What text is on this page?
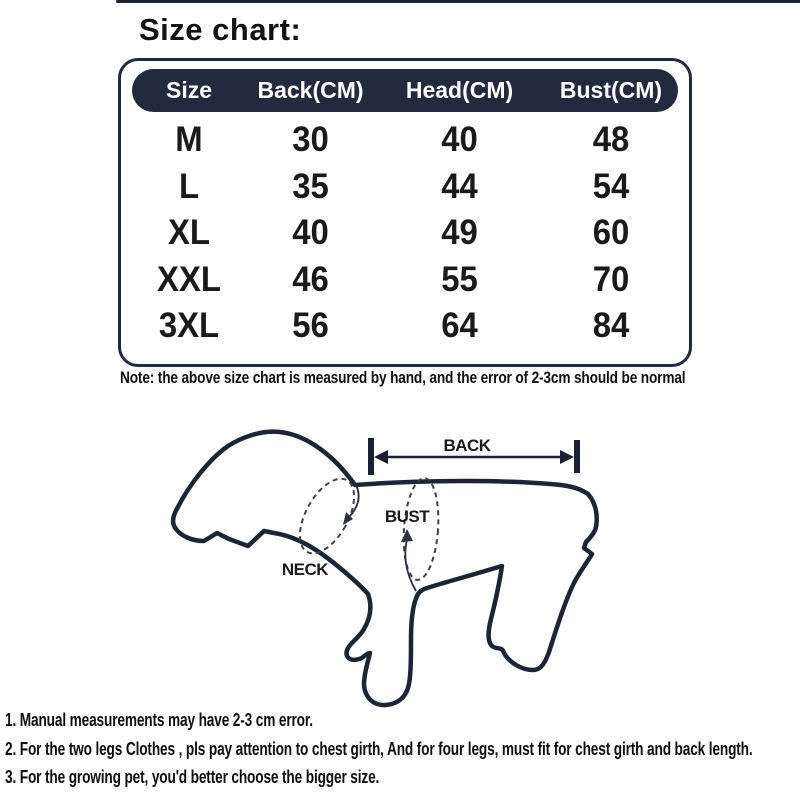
Size chart:
Size	Back(CM)	Head(CM)	Bust(CM)
M	30	40	48
L	35	44	54
XL	40	49	60
XXL	46	55	70
3XL	56	64	84
Note: the above size chart is measured by hand, and the error of 2-3cm should be normal
BACK
BUST
NECK
1. Manual measurements may have 2-3 cm error.
2. For the two legs Clothes , pls pay attention to chest girth, And for four legs, must fit for chest girth and back length.
3. For the growing pet, you'd better choose the bigger size.
